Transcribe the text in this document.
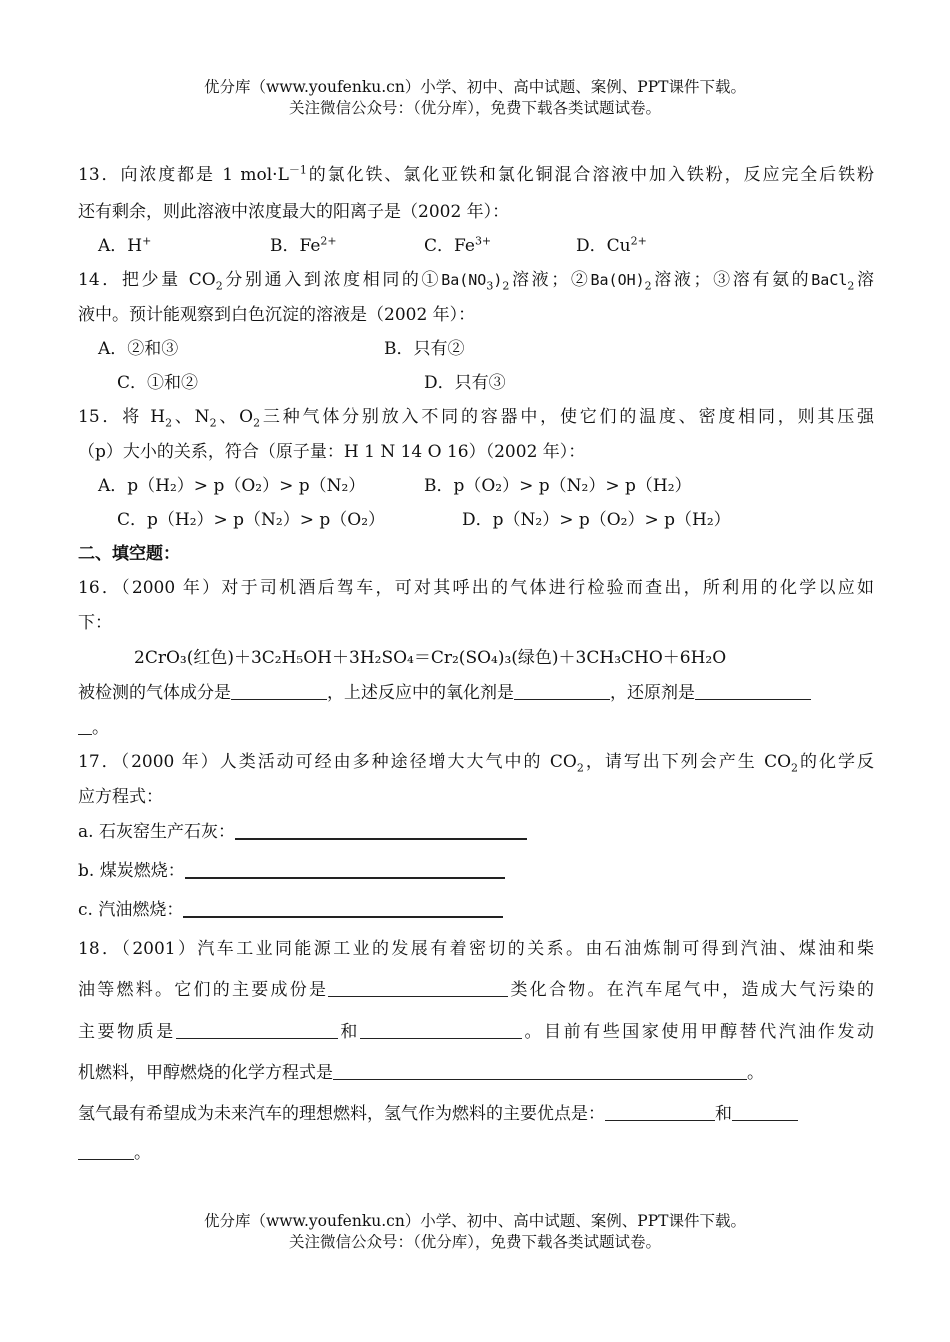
优分库（www.youfenku.cn）小学、初中、高中试题、案例、PPT课件下载。
关注微信公众号：（优分库），免费下载各类试题试卷。
13．向浓度都是 1 $mol\cdot L^{-1}$的氯化铁、氯化亚铁和氯化铜混合溶液中加入铁粉，反应完全后铁粉
还有剩余，则此溶液中浓度最大的阳离子是（2002 年）：
A．H+	B．$Fe^{2+}$	C．$Fe^{3+}$	D．$Cu^{2+}$
14．把少量 $CO_2$分别通入到浓度相同的$①Ba(NO_3)_2$溶液；$②Ba(OH)_2$溶液；③溶有氨的BaCl$_2$溶
液中。预计能观察到白色沉淀的溶液是（2002 年）：
A．②和③	B．只有②
C．①和②	D．只有③
15．将 $H_2$、$N_2$、$O_2$三种气体分别放入不同的容器中，使它们的温度、密度相同，则其压强
（p）大小的关系，符合（原子量：H 1 N 14 O 16）（2002 年）：
A．p（H₂）> p（O₂）> p（N₂）	B．p（O₂）> p（N₂）> p（H₂）
C．p（H₂）> p（N₂）> p（O₂）	D．p（N₂）> p（O₂）> p（H₂）
二、填空题：
16．（2000 年）对于司机酒后驾车，可对其呼出的气体进行检验而查出，所利用的化学以应如
下：
2CrO₃(红色)＋3C₂H₅OH＋3H₂SO₄＝Cr₂(SO₄)₃(绿色)＋3CH₃CHO＋6H₂O
被检测的气体成分是	，上述反应中的氧化剂是	，还原剂是
。
17．（2000 年）人类活动可经由多种途径增大大气中的 $CO_2$，请写出下列会产生 $CO_2$的化学反
应方程式：
a. 石灰窑生产石灰：
b. 煤炭燃烧：
c. 汽油燃烧：
18．（2001）汽车工业同能源工业的发展有着密切的关系。由石油炼制可得到汽油、煤油和柴
油等燃料。它们的主要成份是	类化合物。在汽车尾气中，造成大气污染的
主要物质是	和	。目前有些国家使用甲醇替代汽油作发动
机燃料，甲醇燃烧的化学方程式是	。
氢气最有希望成为未来汽车的理想燃料，氢气作为燃料的主要优点是：	和
。
优分库（www.youfenku.cn）小学、初中、高中试题、案例、PPT课件下载。
关注微信公众号：（优分库），免费下载各类试题试卷。
